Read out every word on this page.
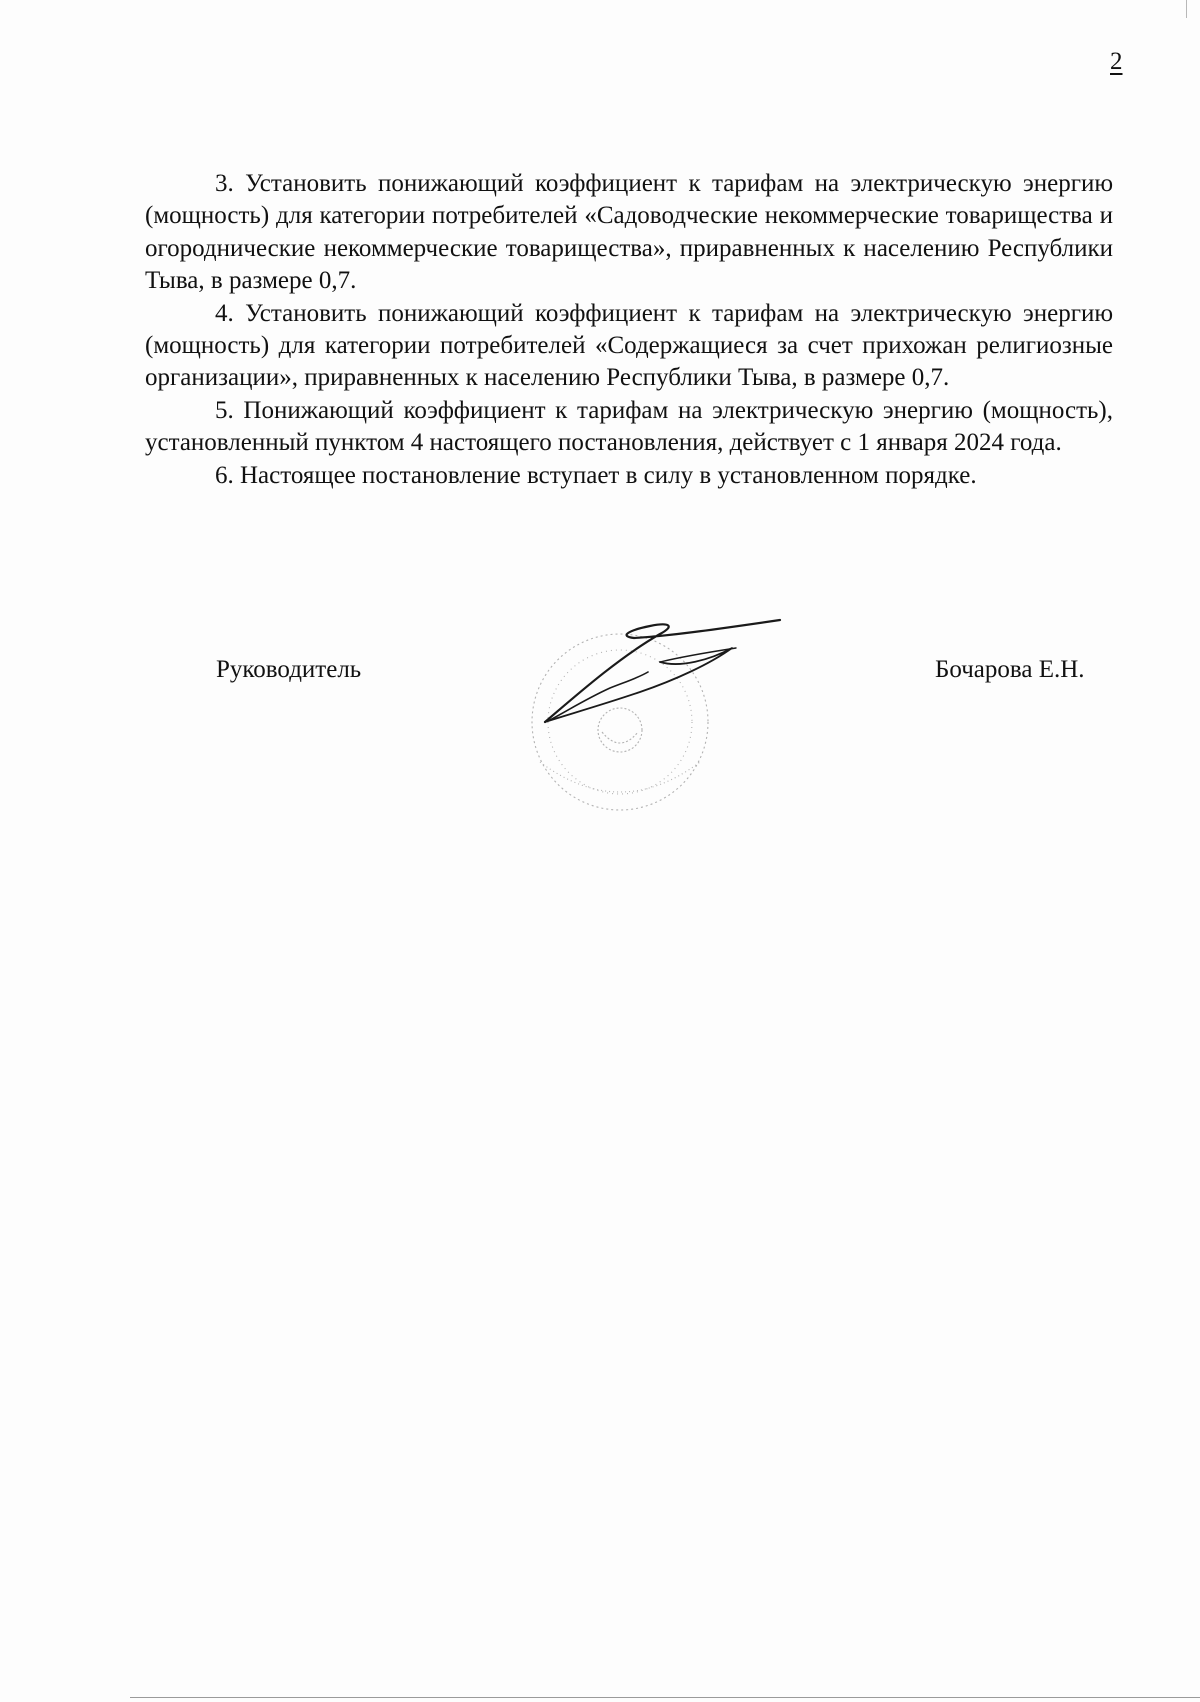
2

3. Установить понижающий коэффициент к тарифам на электрическую энергию (мощность) для категории потребителей «Садоводческие некоммерческие товарищества и огороднические некоммерческие товарищества», приравненных к населению Республики Тыва, в размере 0,7.

4. Установить понижающий коэффициент к тарифам на электрическую энергию (мощность) для категории потребителей «Содержащиеся за счет прихожан религиозные организации», приравненных к населению Республики Тыва, в размере 0,7.

5. Понижающий коэффициент к тарифам на электрическую энергию (мощность), установленный пунктом 4 настоящего постановления, действует с 1 января 2024 года.

6. Настоящее постановление вступает в силу в установленном порядке.

Руководитель	Бочарова Е.Н.
